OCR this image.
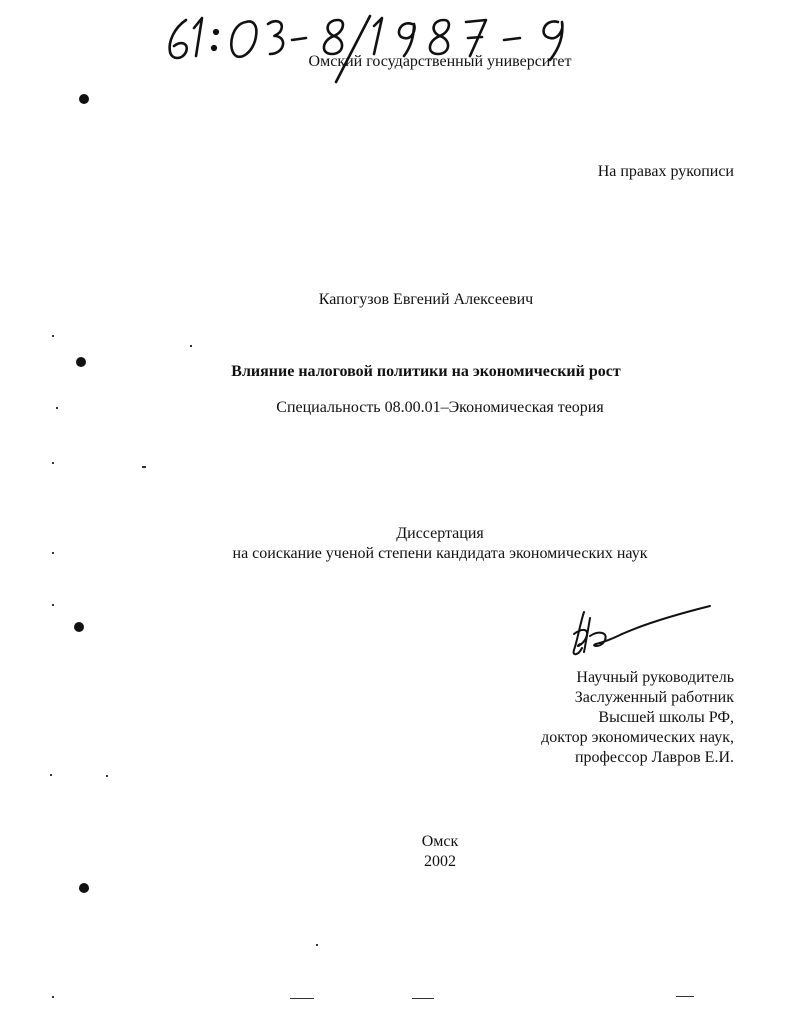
Омский государственный университет
На правах рукописи
Капогузов Евгений Алексеевич
Влияние налоговой политики на экономический рост
Специальность 08.00.01–Экономическая теория
Диссертация
на соискание ученой степени кандидата экономических наук
Научный руководитель
Заслуженный работник
Высшей школы РФ,
доктор экономических наук,
профессор Лавров Е.И.
Омск
2002
